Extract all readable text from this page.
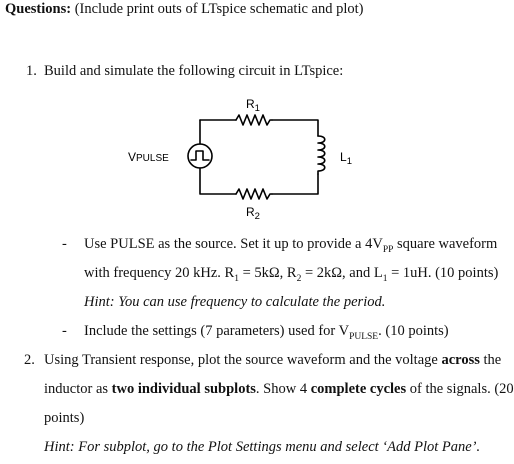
Questions: (Include print outs of LTspice schematic and plot)
1. Build and simulate the following circuit in LTspice:
$R_1$
$R_2$
VPULSE	$L_1$
- Use PULSE as the source. Set it up to provide a $4V_{PP}$ square waveform
with frequency 20 kHz. $R_1 = 5k\Omega$, $R_2 = 2k\Omega$, and $L_1 = 1uH$. (10 points)
Hint: You can use frequency to calculate the period.
- Include the settings (7 parameters) used for $V_{PULSE}$. (10 points)
2. Using Transient response, plot the source waveform and the voltage across the
inductor as two individual subplots. Show 4 complete cycles of the signals. (20
points)
Hint: For subplot, go to the Plot Settings menu and select ‘Add Plot Pane’.
